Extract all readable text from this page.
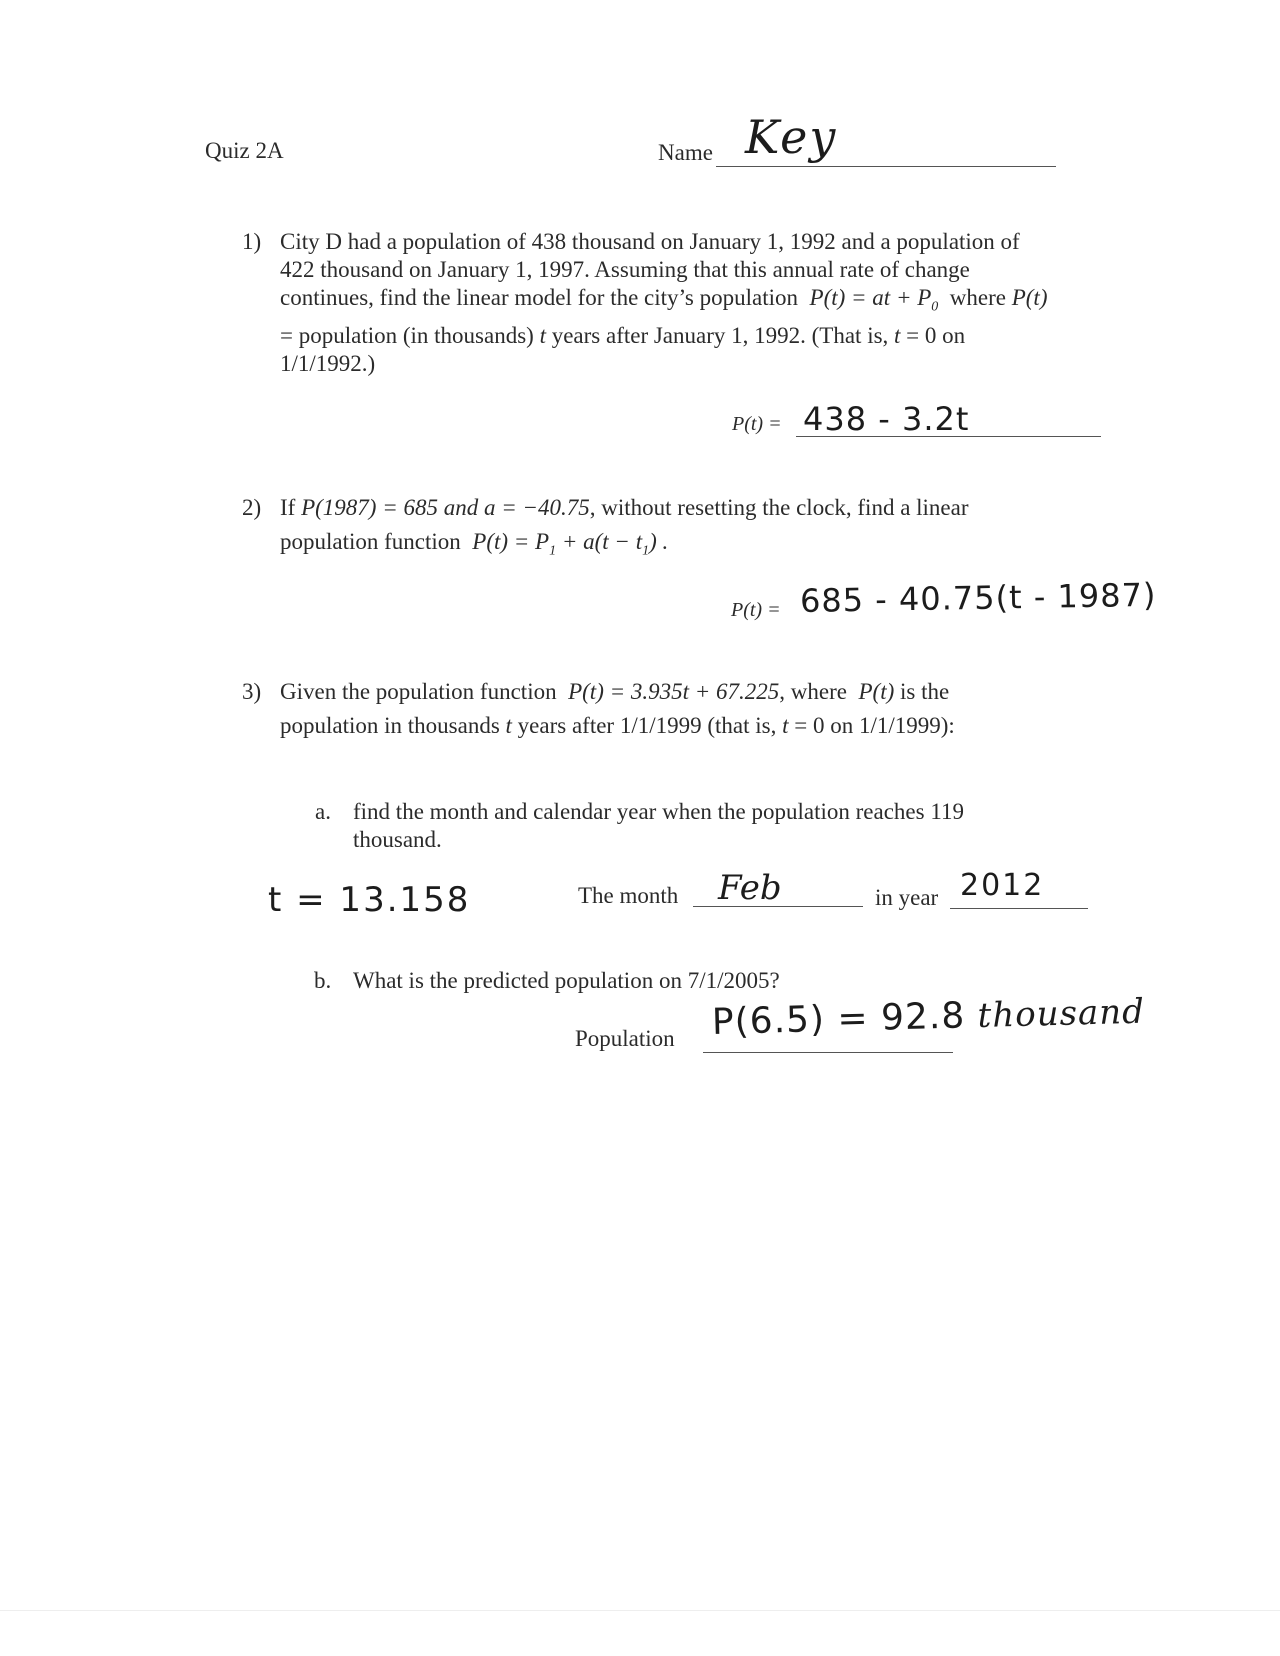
Quiz 2A	Name Key
1) City D had a population of 438 thousand on January 1, 1992 and a population of
422 thousand on January 1, 1997. Assuming that this annual rate of change
continues, find the linear model for the city’s population P(t) = at + $P_0$ where P(t)
= population (in thousands) t years after January 1, 1992. (That is, t = 0 on
1/1/1992.)
P(t) = 438 - 3.2t
2) If P(1987) = 685 and a = −40.75, without resetting the clock, find a linear
population function $P(t) = P_1 + a(t - t_1)$ .
P(t) = 685 - 40.75(t - 1987)
3) Given the population function P(t) = 3.935t + 67.225, where P(t) is the
population in thousands t years after 1/1/1999 (that is, t = 0 on 1/1/1999):
a. find the month and calendar year when the population reaches 119
thousand.
t = 13.158	The month Feb	in year 2012
b. What is the predicted population on 7/1/2005?
Population P(6.5) = 92.8 thousand
